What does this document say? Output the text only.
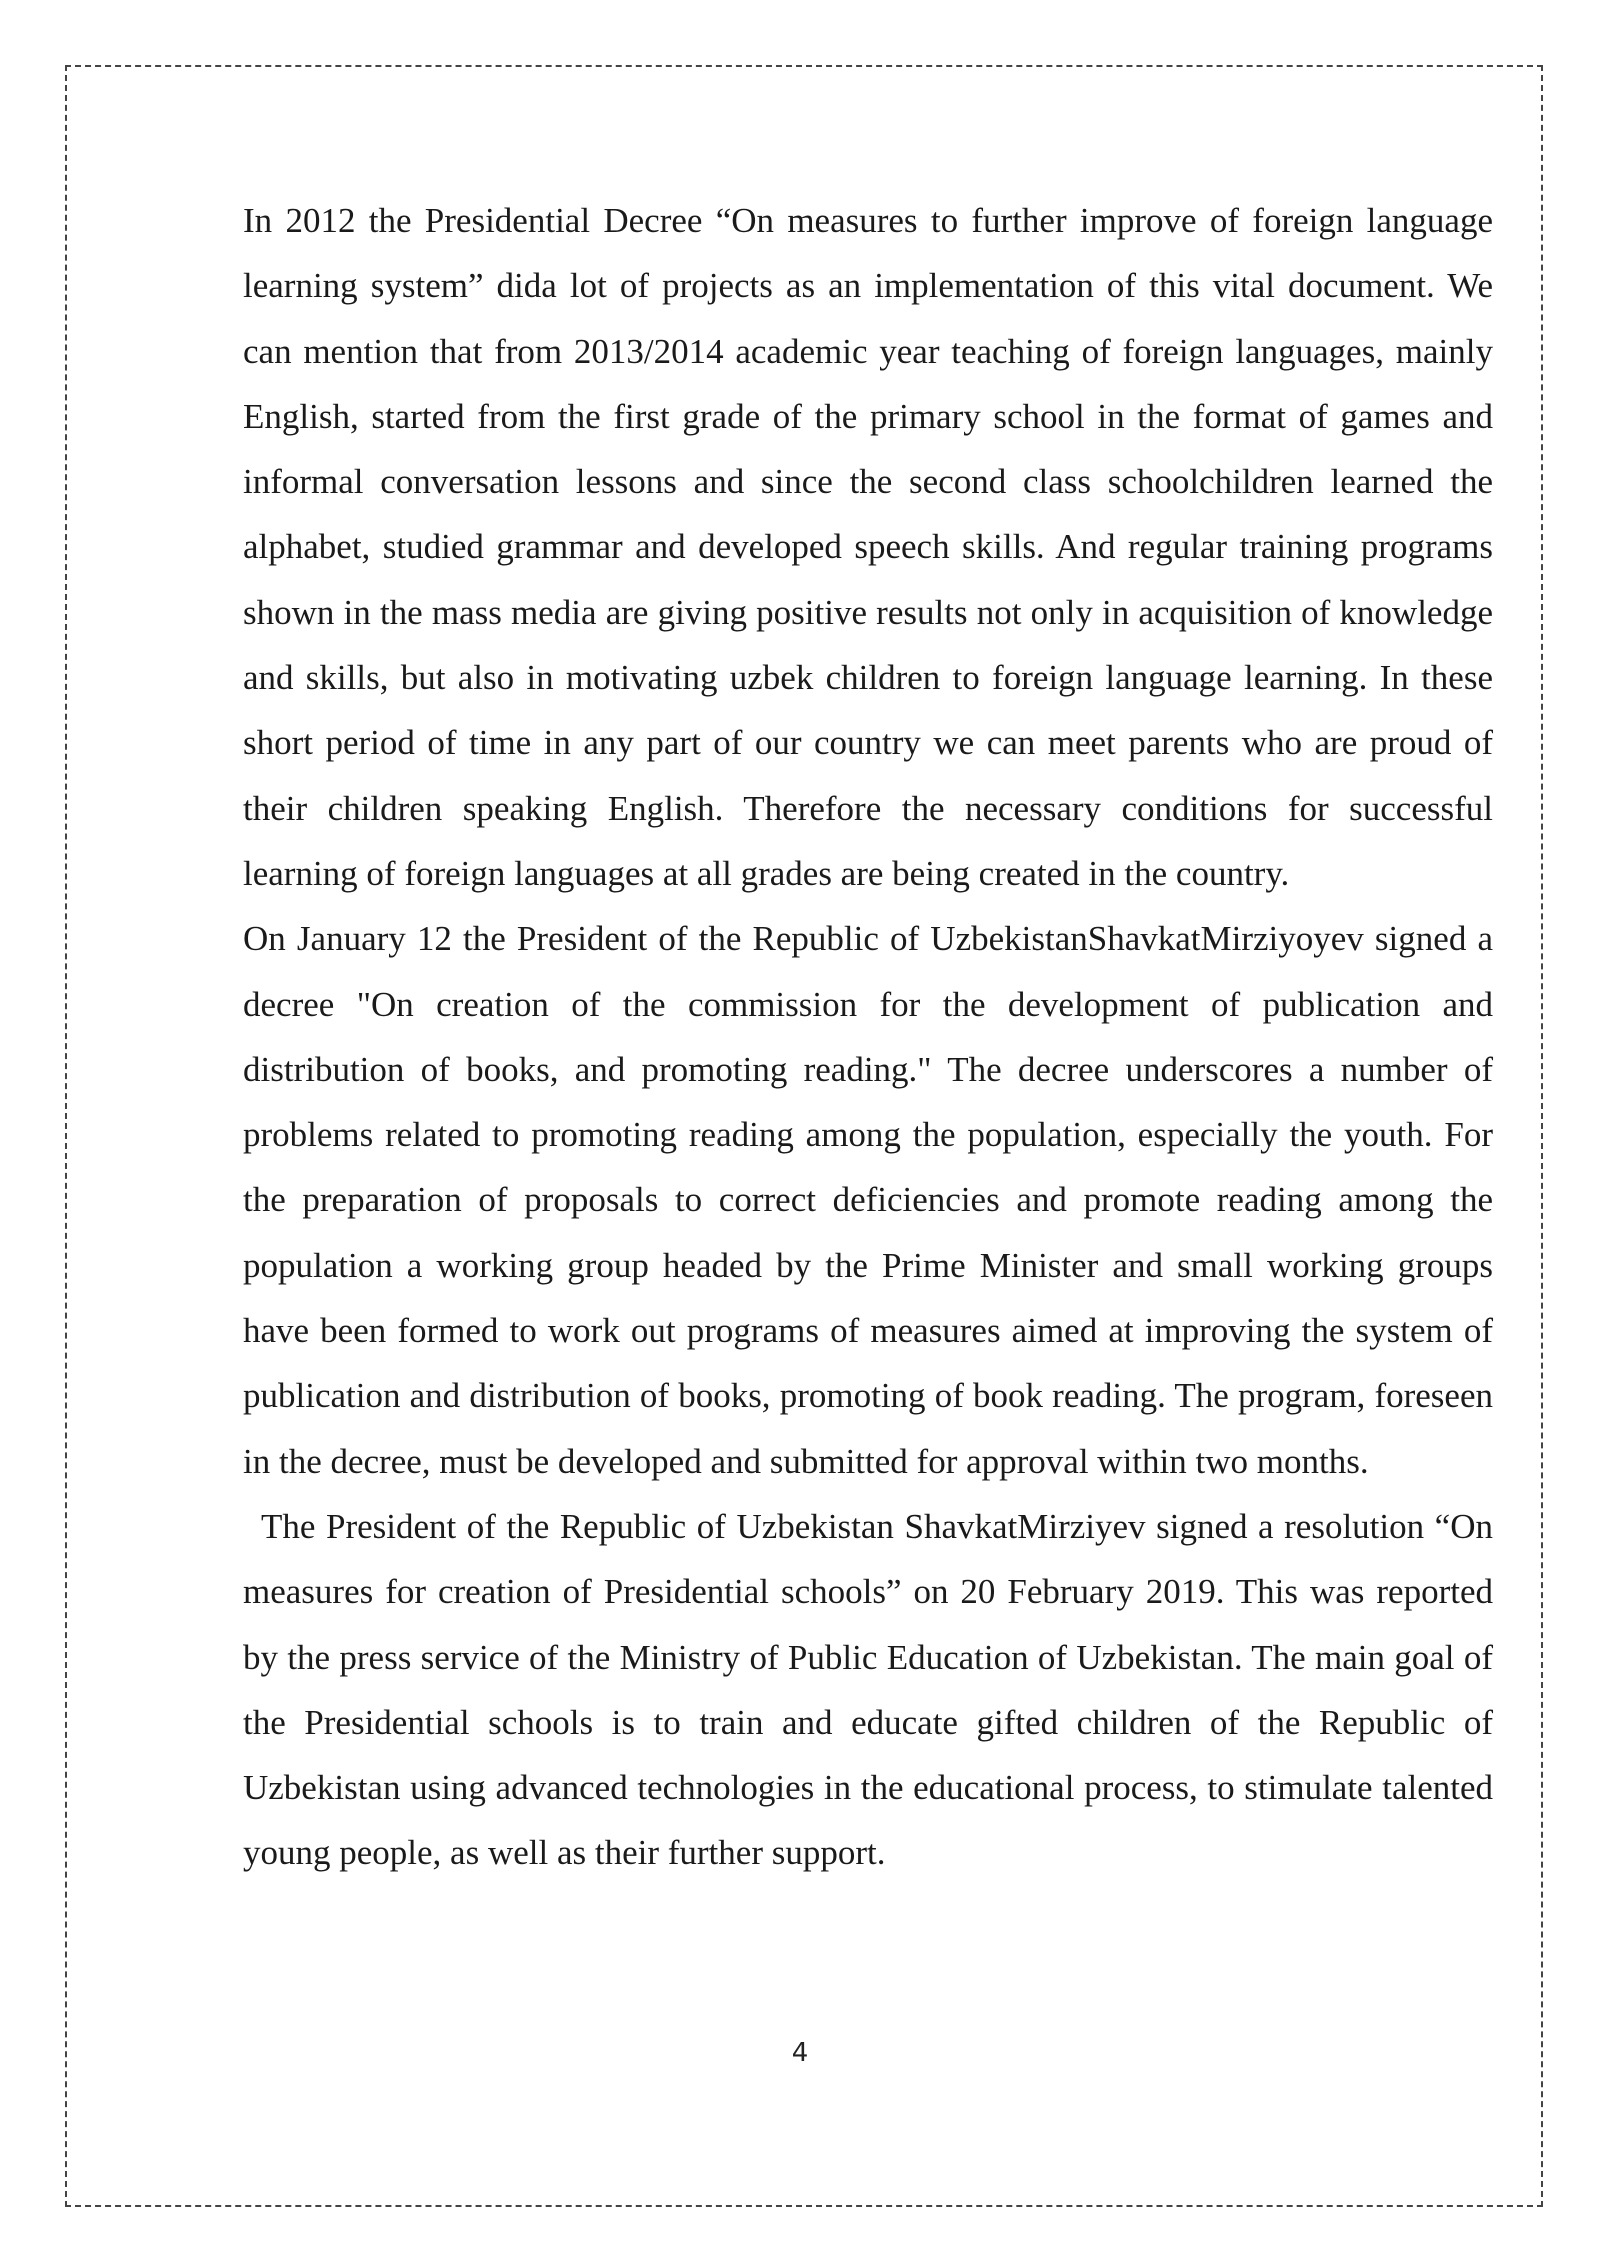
In 2012 the Presidential Decree “On measures to further improve of foreign language learning system” dida lot of projects as an implementation of this vital document. We can mention that from 2013/2014 academic year teaching of foreign languages, mainly English, started from the first grade of the primary school in the format of games and informal conversation lessons and since the second class schoolchildren learned the alphabet, studied grammar and developed speech skills. And regular training programs shown in the mass media are giving positive results not only in acquisition of knowledge and skills, but also in motivating uzbek children to foreign language learning. In these short period of time in any part of our country we can meet parents who are proud of their children speaking English. Therefore the necessary conditions for successful learning of foreign languages at all grades are being created in the country.

On January 12 the President of the Republic of UzbekistanShavkatMirziyoyev signed a decree "On creation of the commission for the development of publication and distribution of books, and promoting reading." The decree underscores a number of problems related to promoting reading among the population, especially the youth. For the preparation of proposals to correct deficiencies and promote reading among the population a working group headed by the Prime Minister and small working groups have been formed to work out programs of measures aimed at improving the system of publication and distribution of books, promoting of book reading. The program, foreseen in the decree, must be developed and submitted for approval within two months.

The President of the Republic of Uzbekistan ShavkatMirziyev signed a resolution “On measures for creation of Presidential schools” on 20 February 2019. This was reported by the press service of the Ministry of Public Education of Uzbekistan. The main goal of the Presidential schools is to train and educate gifted children of the Republic of Uzbekistan using advanced technologies in the educational process, to stimulate talented young people, as well as their further support.

4
